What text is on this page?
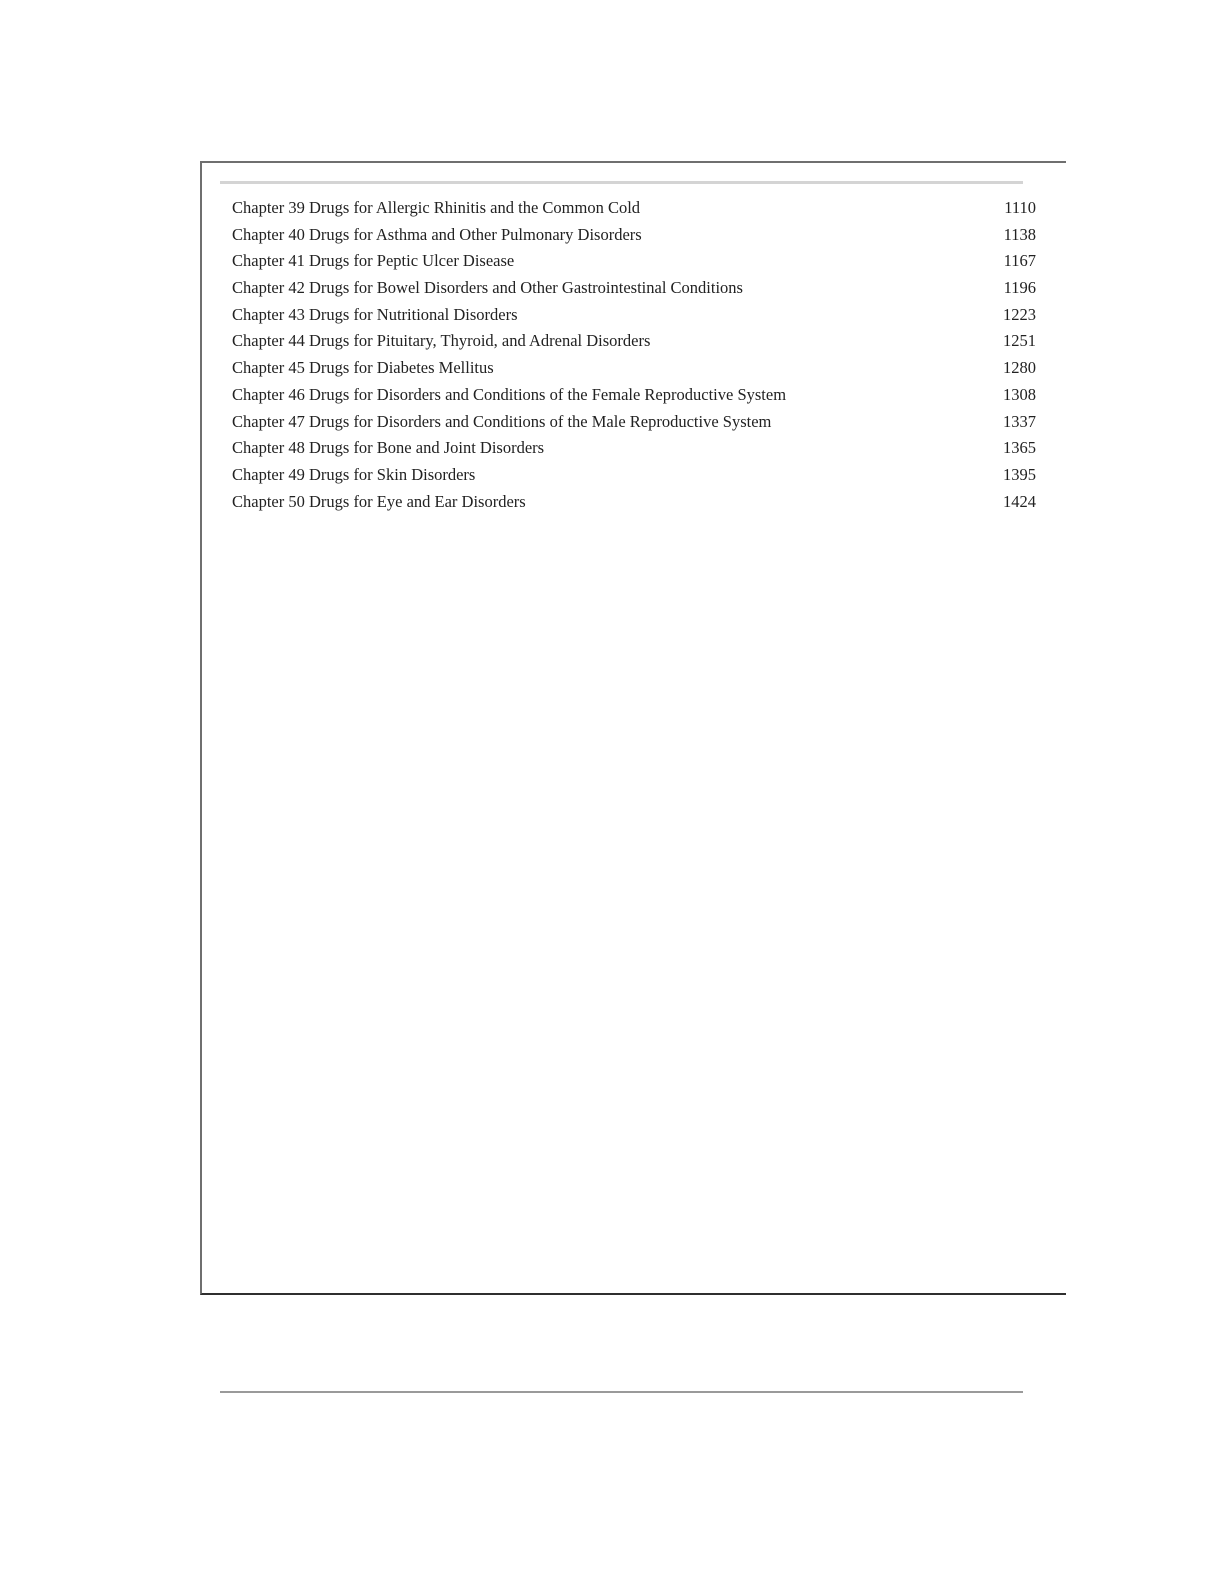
Chapter 39 Drugs for Allergic Rhinitis and the Common Cold	1110
Chapter 40 Drugs for Asthma and Other Pulmonary Disorders	1138
Chapter 41 Drugs for Peptic Ulcer Disease	1167
Chapter 42 Drugs for Bowel Disorders and Other Gastrointestinal Conditions	1196
Chapter 43 Drugs for Nutritional Disorders	1223
Chapter 44 Drugs for Pituitary, Thyroid, and Adrenal Disorders	1251
Chapter 45 Drugs for Diabetes Mellitus	1280
Chapter 46 Drugs for Disorders and Conditions of the Female Reproductive System	1308
Chapter 47 Drugs for Disorders and Conditions of the Male Reproductive System	1337
Chapter 48 Drugs for Bone and Joint Disorders	1365
Chapter 49 Drugs for Skin Disorders	1395
Chapter 50 Drugs for Eye and Ear Disorders	1424
